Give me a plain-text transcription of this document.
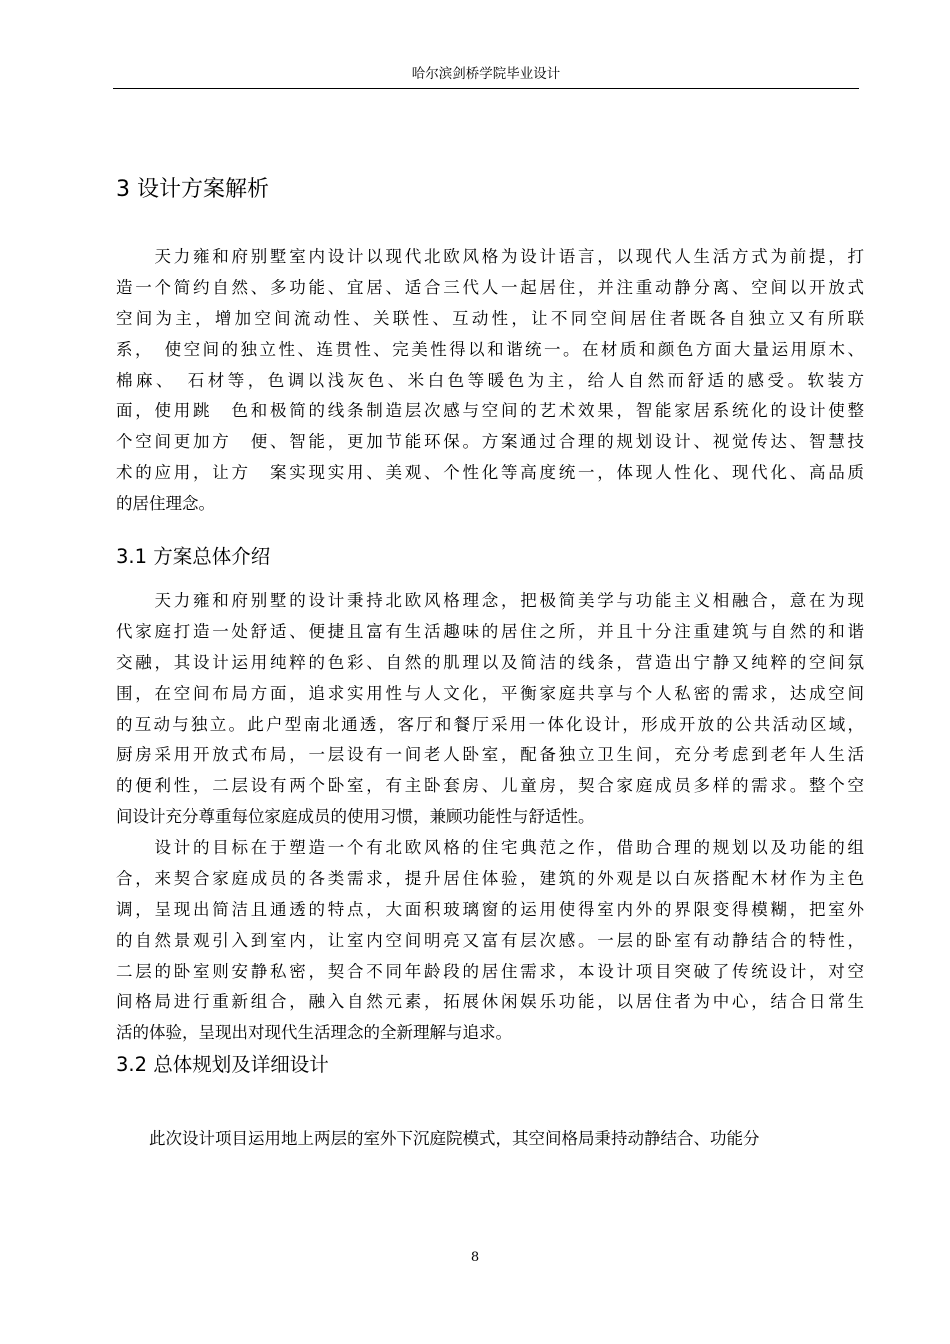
哈尔滨剑桥学院毕业设计
3 设计方案解析
　　天力雍和府别墅室内设计以现代北欧风格为设计语言，以现代人生活方式为前提，打
造一个简约自然、多功能、宜居、适合三代人一起居住，并注重动静分离、空间以开放式
空间为主，增加空间流动性、关联性、互动性，让不同空间居住者既各自独立又有所联
系，　使空间的独立性、连贯性、完美性得以和谐统一。在材质和颜色方面大量运用原木、
棉麻、　石材等，色调以浅灰色、米白色等暖色为主，给人自然而舒适的感受。软装方
面，使用跳　色和极简的线条制造层次感与空间的艺术效果，智能家居系统化的设计使整
个空间更加方　便、智能，更加节能环保。方案通过合理的规划设计、视觉传达、智慧技
术的应用，让方　案实现实用、美观、个性化等高度统一，体现人性化、现代化、高品质
的居住理念。
3.1 方案总体介绍
　　天力雍和府别墅的设计秉持北欧风格理念，把极简美学与功能主义相融合，意在为现
代家庭打造一处舒适、便捷且富有生活趣味的居住之所，并且十分注重建筑与自然的和谐
交融，其设计运用纯粹的色彩、自然的肌理以及简洁的线条，营造出宁静又纯粹的空间氛
围，在空间布局方面，追求实用性与人文化，平衡家庭共享与个人私密的需求，达成空间
的互动与独立。此户型南北通透，客厅和餐厅采用一体化设计，形成开放的公共活动区域，
厨房采用开放式布局，一层设有一间老人卧室，配备独立卫生间，充分考虑到老年人生活
的便利性，二层设有两个卧室，有主卧套房、儿童房，契合家庭成员多样的需求。整个空
间设计充分尊重每位家庭成员的使用习惯，兼顾功能性与舒适性。
　　设计的目标在于塑造一个有北欧风格的住宅典范之作，借助合理的规划以及功能的组
合，来契合家庭成员的各类需求，提升居住体验，建筑的外观是以白灰搭配木材作为主色
调，呈现出简洁且通透的特点，大面积玻璃窗的运用使得室内外的界限变得模糊，把室外
的自然景观引入到室内，让室内空间明亮又富有层次感。一层的卧室有动静结合的特性，
二层的卧室则安静私密，契合不同年龄段的居住需求，本设计项目突破了传统设计，对空
间格局进行重新组合，融入自然元素，拓展休闲娱乐功能，以居住者为中心，结合日常生
活的体验，呈现出对现代生活理念的全新理解与追求。
3.2 总体规划及详细设计
　　此次设计项目运用地上两层的室外下沉庭院模式，其空间格局秉持动静结合、功能分
8
